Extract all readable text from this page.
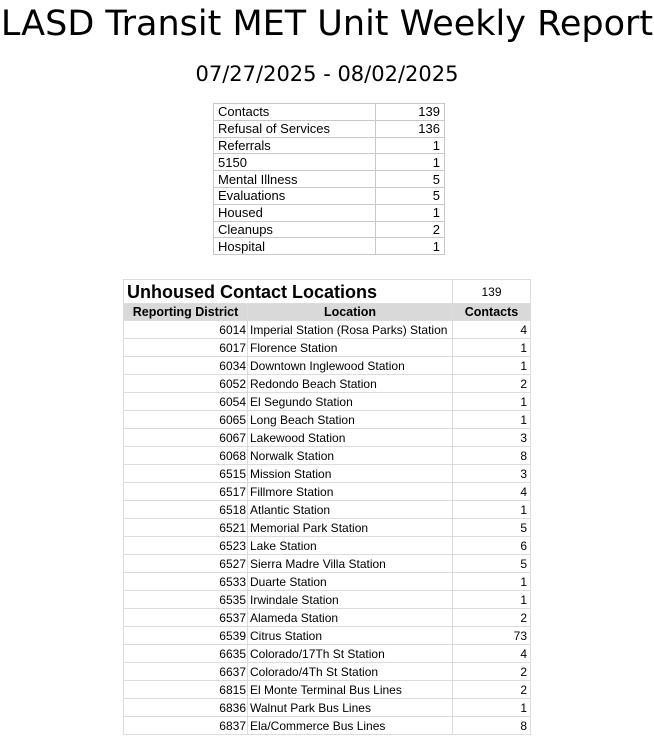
LASD Transit MET Unit Weekly Report
07/27/2025 - 08/02/2025
Contacts	139
Refusal of Services	136
Referrals	1
5150	1
Mental Illness	5
Evaluations	5
Housed	1
Cleanups	2
Hospital	1
Unhoused Contact Locations		139
Reporting District	Location	Contacts
6014	Imperial Station (Rosa Parks) Station	4
6017	Florence Station	1
6034	Downtown Inglewood Station	1
6052	Redondo Beach Station	2
6054	El Segundo Station	1
6065	Long Beach Station	1
6067	Lakewood Station	3
6068	Norwalk Station	8
6515	Mission Station	3
6517	Fillmore Station	4
6518	Atlantic Station	1
6521	Memorial Park Station	5
6523	Lake Station	6
6527	Sierra Madre Villa Station	5
6533	Duarte Station	1
6535	Irwindale Station	1
6537	Alameda Station	2
6539	Citrus Station	73
6635	Colorado/17Th St Station	4
6637	Colorado/4Th St Station	2
6815	El Monte Terminal Bus Lines	2
6836	Walnut Park Bus Lines	1
6837	Ela/Commerce Bus Lines	8
